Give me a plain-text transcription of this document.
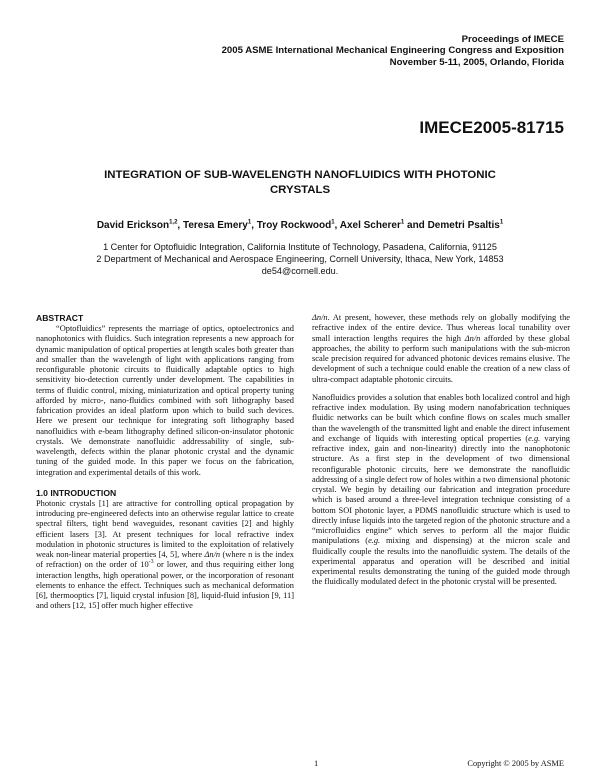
Proceedings of IMECE
2005 ASME International Mechanical Engineering Congress and Exposition
November 5-11, 2005, Orlando, Florida
IMECE2005-81715
INTEGRATION OF SUB-WAVELENGTH NANOFLUIDICS WITH PHOTONIC
CRYSTALS
David Erickson$^{1,2}$, Teresa Emery$^1$, Troy Rockwood$^1$, Axel Scherer$^1$ and Demetri Psaltis$^1$
1 Center for Optofluidic Integration, California Institute of Technology, Pasadena, California, 91125
2 Department of Mechanical and Aerospace Engineering, Cornell University, Ithaca, New York, 14853
de54@cornell.edu.
ABSTRACT

“Optofluidics” represents the marriage of optics, optoelectronics and nanophotonics with fluidics. Such integration represents a new approach for dynamic manipulation of optical properties at length scales both greater than and smaller than the wavelength of light with applications ranging from reconfigurable photonic circuits to fluidically adaptable optics to high sensitivity bio-detection currently under development. The capabilities in terms of fluidic control, mixing, miniaturization and optical property tuning afforded by micro-, nano-fluidics combined with soft lithography based fabrication provides an ideal platform upon which to build such devices. Here we present our technique for integrating soft lithography based nanofluidics with e-beam lithography defined silicon-on-insulator photonic crystals. We demonstrate nanofluidic addressability of single, sub-wavelength, defects within the planar photonic crystal and the dynamic tuning of the guided mode. In this paper we focus on the fabrication, integration and experimental details of this work.

1.0 INTRODUCTION

Photonic crystals [1] are attractive for controlling optical propagation by introducing pre-engineered defects into an otherwise regular lattice to create spectral filters, tight bend waveguides, resonant cavities [2] and highly efficient lasers [3]. At present techniques for local refractive index modulation in photonic structures is limited to the exploitation of relatively weak non-linear material properties [4, 5], where Δn/n (where n is the index of refraction) on the order of $10^{-3}$ or lower, and thus requiring either long interaction lengths, high operational power, or the incorporation of resonant elements to enhance the effect. Techniques such as mechanical deformation [6], thermooptics [7], liquid crystal infusion [8], liquid-fluid infusion [9, 11] and others [12, 15] offer much higher effective

Δn/n. At present, however, these methods rely on globally modifying the refractive index of the entire device. Thus whereas local tunability over small interaction lengths requires the high Δn/n afforded by these global approaches, the ability to perform such manipulations with the sub-micron scale precision required for advanced photonic devices remains elusive. The development of such a technique could enable the creation of a new class of ultra-compact adaptable photonic circuits.

Nanofluidics provides a solution that enables both localized control and high refractive index modulation. By using modern nanofabrication techniques fluidic networks can be built which confine flows on scales much smaller than the wavelength of the transmitted light and enable the direct infusement and exchange of liquids with interesting optical properties (e.g. varying refractive index, gain and non-linearity) directly into the nanophotonic structure. As a first step in the development of two dimensional reconfigurable photonic circuits, here we demonstrate the nanofluidic addressing of a single defect row of holes within a two dimensional photonic crystal. We begin by detailing our fabrication and integration procedure which is based around a three-level integration technique consisting of a bottom SOI photonic layer, a PDMS nanofluidic structure which is used to directly infuse liquids into the targeted region of the photonic structure and a “microfluidics engine” which serves to perform all the major fluidic manipulations (e.g. mixing and dispensing) at the micron scale and fluidically couple the results into the nanofluidic system. The details of the experimental apparatus and operation will be described and initial experimental results demonstrating the tuning of the guided mode through the fluidically modulated defect in the photonic crystal will be presented.

1	Copyright © 2005 by ASME
